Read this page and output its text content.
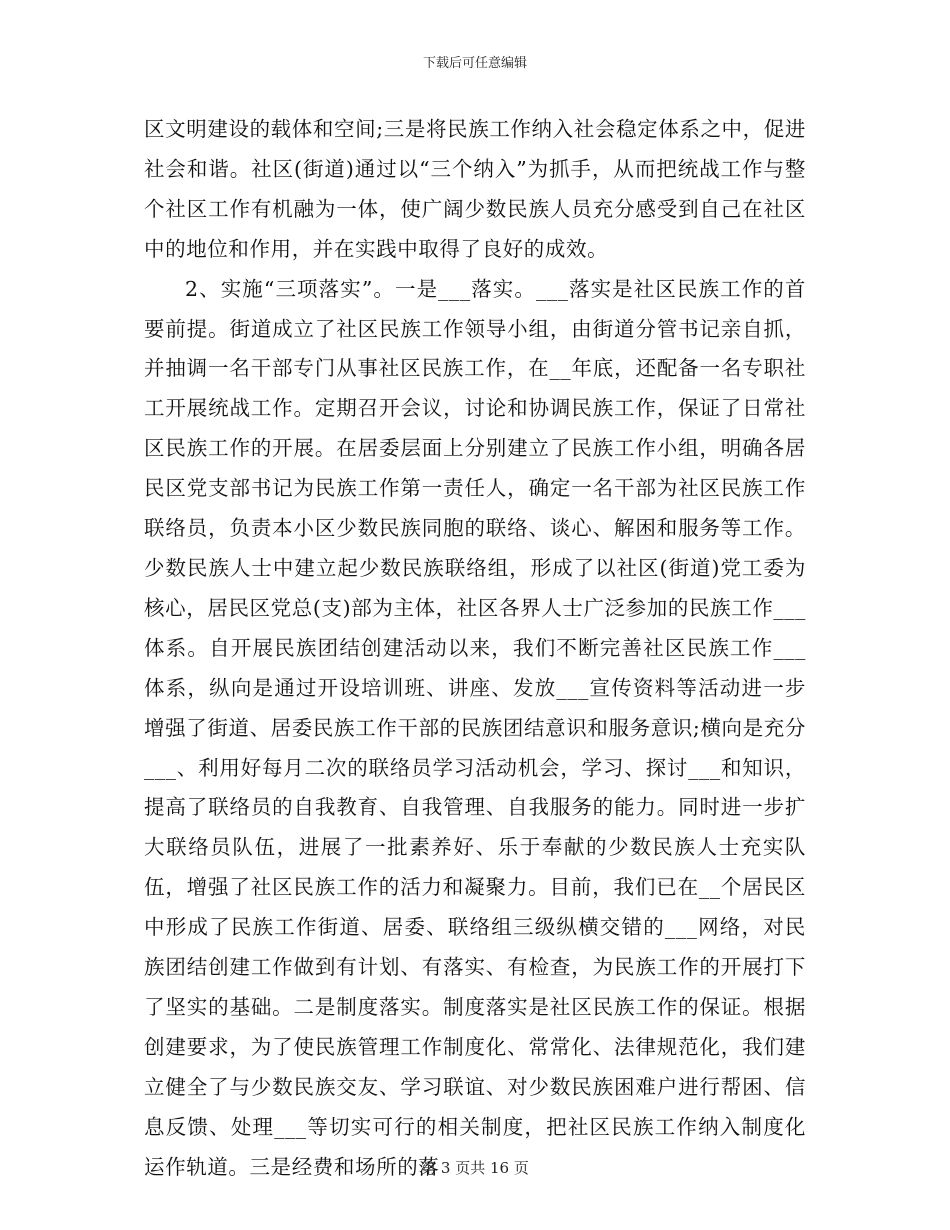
下载后可任意编辑

区文明建设的载体和空间;三是将民族工作纳入社会稳定体系之中，促进社会和谐。社区(街道)通过以“三个纳入”为抓手，从而把统战工作与整个社区工作有机融为一体，使广阔少数民族人员充分感受到自己在社区中的地位和作用，并在实践中取得了良好的成效。

2、实施“三项落实”。一是___落实。___落实是社区民族工作的首要前提。街道成立了社区民族工作领导小组，由街道分管书记亲自抓，并抽调一名干部专门从事社区民族工作，在__年底，还配备一名专职社工开展统战工作。定期召开会议，讨论和协调民族工作，保证了日常社区民族工作的开展。在居委层面上分别建立了民族工作小组，明确各居民区党支部书记为民族工作第一责任人，确定一名干部为社区民族工作联络员，负责本小区少数民族同胞的联络、谈心、解困和服务等工作。少数民族人士中建立起少数民族联络组，形成了以社区(街道)党工委为核心，居民区党总(支)部为主体，社区各界人士广泛参加的民族工作___体系。自开展民族团结创建活动以来，我们不断完善社区民族工作___体系，纵向是通过开设培训班、讲座、发放___宣传资料等活动进一步增强了街道、居委民族工作干部的民族团结意识和服务意识;横向是充分___、利用好每月二次的联络员学习活动机会，学习、探讨___和知识，提高了联络员的自我教育、自我管理、自我服务的能力。同时进一步扩大联络员队伍，进展了一批素养好、乐于奉献的少数民族人士充实队伍，增强了社区民族工作的活力和凝聚力。目前，我们已在__个居民区中形成了民族工作街道、居委、联络组三级纵横交错的___网络，对民族团结创建工作做到有计划、有落实、有检查，为民族工作的开展打下了坚实的基础。二是制度落实。制度落实是社区民族工作的保证。根据创建要求，为了使民族管理工作制度化、常常化、法律规范化，我们建立健全了与少数民族交友、学习联谊、对少数民族困难户进行帮困、信息反馈、处理___等切实可行的相关制度，把社区民族工作纳入制度化运作轨道。三是经费和场所的落

第 3 页共 16 页
